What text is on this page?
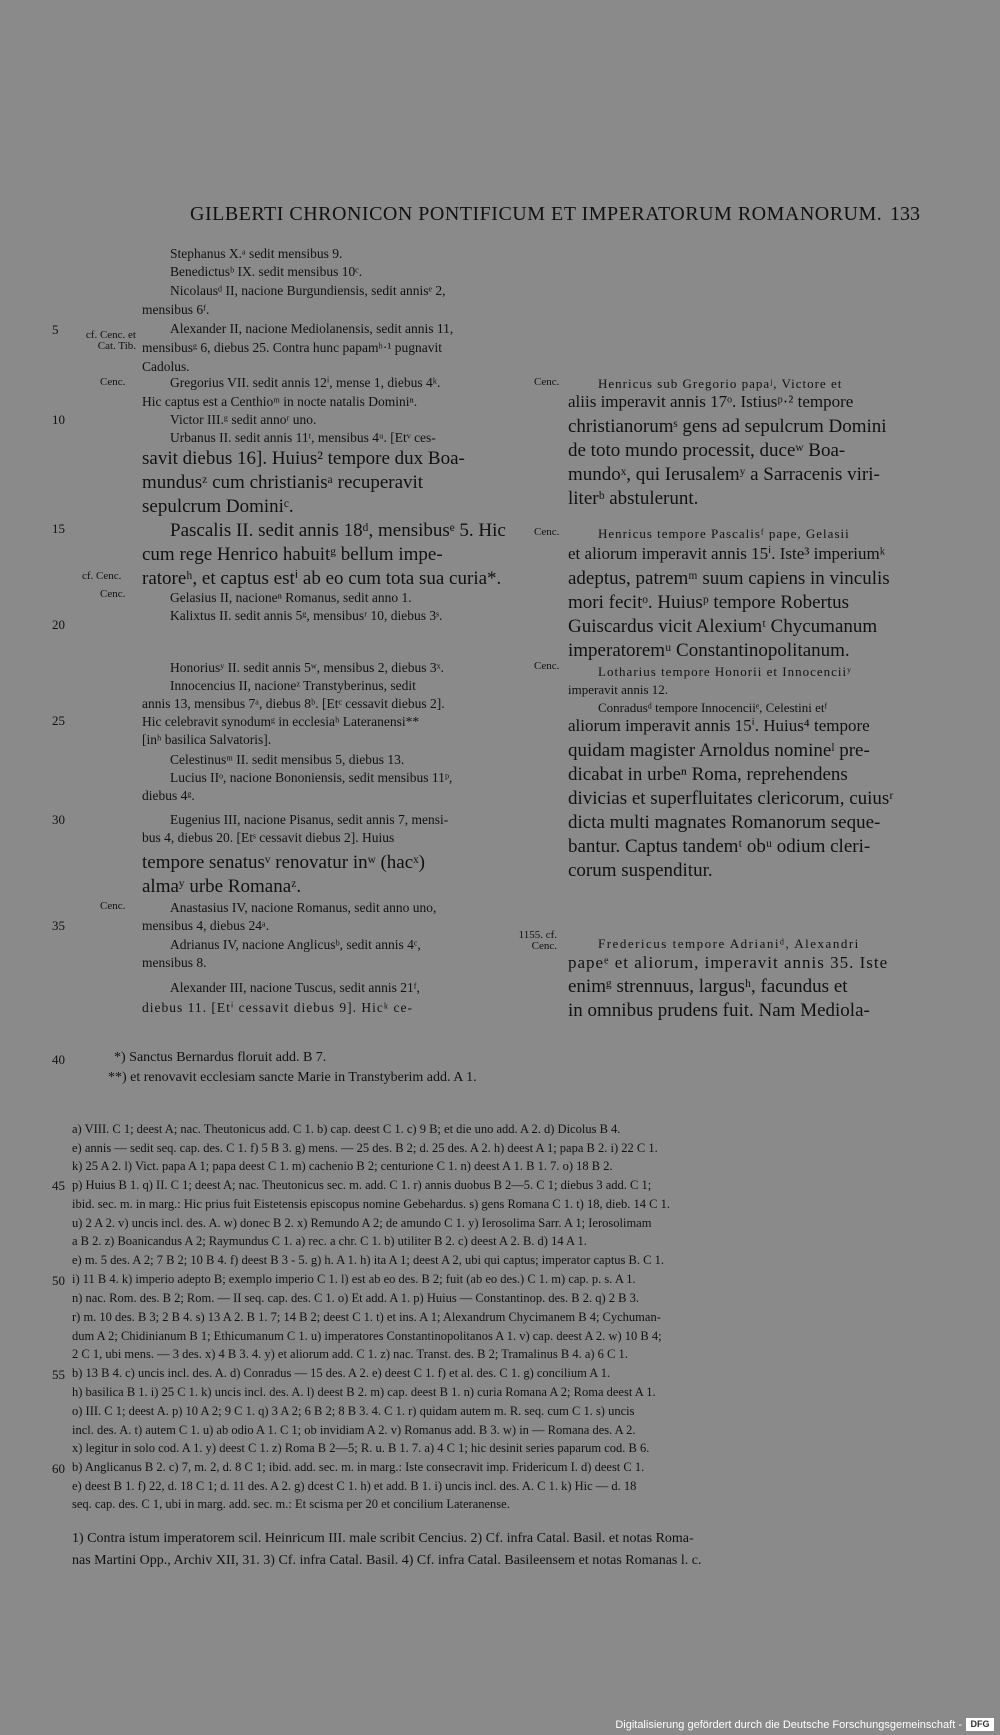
GILBERTI CHRONICON PONTIFICUM ET IMPERATORUM ROMANORUM. 133
5
10
15
20
25
30
35
40
45
50
55
60
cf. Cenc. et Cat. Tib.
Cenc.	Cenc.
cf. Cenc.
Cenc.
Cenc.
Cenc.
Cenc.
1155. cf. Cenc.
Stephanus X.ᵃ sedit mensibus 9.
Benedictusᵇ IX. sedit mensibus 10ᶜ.
Nicolausᵈ II, nacione Burgundiensis, sedit annisᵉ 2,
mensibus 6ᶠ.
Alexander II, nacione Mediolanensis, sedit annis 11,
mensibusᵍ 6, diebus 25. Contra hunc papamʰ·¹ pugnavit
Cadolus.
Gregorius VII. sedit annis 12ⁱ, mense 1, diebus 4ᵏ.
Hic captus est a Centhioᵐ in nocte natalis Dominiⁿ.
Victor III.ᵍ sedit annoʳ uno.
Urbanus II. sedit annis 11ᵗ, mensibus 4ᵘ. [Etᵛ ces-
savit diebus 16]. Huius² tempore dux Boa-
mundusᶻ cum christianisᵃ recuperavit
sepulcrum Dominiᶜ.
Pascalis II. sedit annis 18ᵈ, mensibusᵉ 5. Hic
cum rege Henrico habuitᵍ bellum impe-
ratoreʰ, et captus estⁱ ab eo cum tota sua curia*.
Gelasius II, nacioneⁿ Romanus, sedit anno 1.
Kalixtus II. sedit annis 5ᵍ, mensibusʳ 10, diebus 3ˢ.
Honoriusʸ II. sedit annis 5ʷ, mensibus 2, diebus 3ˣ.
Innocencius II, nacioneᶻ Transtyberinus, sedit
annis 13, mensibus 7ᵃ, diebus 8ᵇ. [Etᶜ cessavit diebus 2].
Hic celebravit synodumᵍ in ecclesiaʰ Lateranensi**
[inʰ basilica Salvatoris].
Celestinusᵐ II. sedit mensibus 5, diebus 13.
Lucius IIᵒ, nacione Bononiensis, sedit mensibus 11ᵖ,
diebus 4ᵍ.
Eugenius III, nacione Pisanus, sedit annis 7, mensi-
bus 4, diebus 20. [Etˢ cessavit diebus 2]. Huius
tempore senatusᵛ renovatur inʷ (hacˣ)
almaʸ urbe Romanaᶻ.
Anastasius IV, nacione Romanus, sedit anno uno,
mensibus 4, diebus 24ᵃ.
Adrianus IV, nacione Anglicusᵇ, sedit annis 4ᶜ,
mensibus 8.
Alexander III, nacione Tuscus, sedit annis 21ᶠ,
diebus 11. [Etⁱ cessavit diebus 9]. Hicᵏ ce-
Henricus sub Gregorio papaʲ, Victore et
aliis imperavit annis 17ᵒ. Istiusᵖ·² tempore
christianorumˢ gens ad sepulcrum Domini
de toto mundo processit, duceʷ Boa-
mundoˣ, qui Ierusalemʸ a Sarracenis viri-
literᵇ abstulerunt.
Henricus tempore Pascalisᶠ pape, Gelasii
et aliorum imperavit annis 15ⁱ. Iste³ imperiumᵏ
adeptus, patremᵐ suum capiens in vinculis
mori fecitᵒ. Huiusᵖ tempore Robertus
Guiscardus vicit Alexiumᵗ Chycumanum
imperatoremᵘ Constantinopolitanum.
Lotharius tempore Honorii et Innocenciiʸ
imperavit annis 12.
Conradusᵈ tempore Innocenciiᵉ, Celestini etᶠ
aliorum imperavit annis 15ⁱ. Huius⁴ tempore
quidam magister Arnoldus nomineˡ pre-
dicabat in urbeⁿ Roma, reprehendens
divicias et superfluitates clericorum, cuiusʳ
dicta multi magnates Romanorum seque-
bantur. Captus tandemᵗ obᵘ odium cleri-
corum suspenditur.
Fredericus tempore Adrianiᵈ, Alexandri
papeᵉ et aliorum, imperavit annis 35. Iste
enimᵍ strennuus, largusʰ, facundus et
in omnibus prudens fuit. Nam Mediola-
*) Sanctus Bernardus floruit add. B 7.
**) et renovavit ecclesiam sancte Marie in Transtyberim add. A 1.
a) VIII. C 1; deest A; nac. Theutonicus add. C 1. b) cap. deest C 1. c) 9 B; et die uno add. A 2. d) Dicolus B 4.
e) annis — sedit seq. cap. des. C 1. f) 5 B 3. g) mens. — 25 des. B 2; d. 25 des. A 2. h) deest A 1; papa B 2. i) 22 C 1.
k) 25 A 2. l) Vict. papa A 1; papa deest C 1. m) cachenio B 2; centurione C 1. n) deest A 1. B 1. 7. o) 18 B 2.
p) Huius B 1. q) II. C 1; deest A; nac. Theutonicus sec. m. add. C 1. r) annis duobus B 2—5. C 1; diebus 3 add. C 1;
ibid. sec. m. in marg.: Hic prius fuit Eistetensis episcopus nomine Gebehardus. s) gens Romana C 1. t) 18, dieb. 14 C 1.
u) 2 A 2. v) uncis incl. des. A. w) donec B 2. x) Remundo A 2; de amundo C 1. y) Ierosolima Sarr. A 1; Ierosolimam
a B 2. z) Boanicandus A 2; Raymundus C 1. a) rec. a chr. C 1. b) utiliter B 2. c) deest A 2. B. d) 14 A 1.
e) m. 5 des. A 2; 7 B 2; 10 B 4. f) deest B 3 - 5. g) h. A 1. h) ita A 1; deest A 2, ubi qui captus; imperator captus B. C 1.
i) 11 B 4. k) imperio adepto B; exemplo imperio C 1. l) est ab eo des. B 2; fuit (ab eo des.) C 1. m) cap. p. s. A 1.
n) nac. Rom. des. B 2; Rom. — II seq. cap. des. C 1. o) Et add. A 1. p) Huius — Constantinop. des. B 2. q) 2 B 3.
r) m. 10 des. B 3; 2 B 4. s) 13 A 2. B 1. 7; 14 B 2; deest C 1. t) et ins. A 1; Alexandrum Chycimanem B 4; Cychuman-
dum A 2; Chidinianum B 1; Ethicumanum C 1. u) imperatores Constantinopolitanos A 1. v) cap. deest A 2. w) 10 B 4;
2 C 1, ubi mens. — 3 des. x) 4 B 3. 4. y) et aliorum add. C 1. z) nac. Transt. des. B 2; Tramalinus B 4. a) 6 C 1.
b) 13 B 4. c) uncis incl. des. A. d) Conradus — 15 des. A 2. e) deest C 1. f) et al. des. C 1. g) concilium A 1.
h) basilica B 1. i) 25 C 1. k) uncis incl. des. A. l) deest B 2. m) cap. deest B 1. n) curia Romana A 2; Roma deest A 1.
o) III. C 1; deest A. p) 10 A 2; 9 C 1. q) 3 A 2; 6 B 2; 8 B 3. 4. C 1. r) quidam autem m. R. seq. cum C 1. s) uncis
incl. des. A. t) autem C 1. u) ab odio A 1. C 1; ob invidiam A 2. v) Romanus add. B 3. w) in — Romana des. A 2.
x) legitur in solo cod. A 1. y) deest C 1. z) Roma B 2—5; R. u. B 1. 7. a) 4 C 1; hic desinit series paparum cod. B 6.
b) Anglicanus B 2. c) 7, m. 2, d. 8 C 1; ibid. add. sec. m. in marg.: Iste consecravit imp. Fridericum I. d) deest C 1.
e) deest B 1. f) 22, d. 18 C 1; d. 11 des. A 2. g) dcest C 1. h) et add. B 1. i) uncis incl. des. A. C 1. k) Hic — d. 18
seq. cap. des. C 1, ubi in marg. add. sec. m.: Et scisma per 20 et concilium Lateranense.
1) Contra istum imperatorem scil. Heinricum III. male scribit Cencius. 2) Cf. infra Catal. Basil. et notas Roma-
nas Martini Opp., Archiv XII, 31. 3) Cf. infra Catal. Basil. 4) Cf. infra Catal. Basileensem et notas Romanas l. c.
Digitalisierung gefördert durch die Deutsche Forschungsgemeinschaft - DFG
